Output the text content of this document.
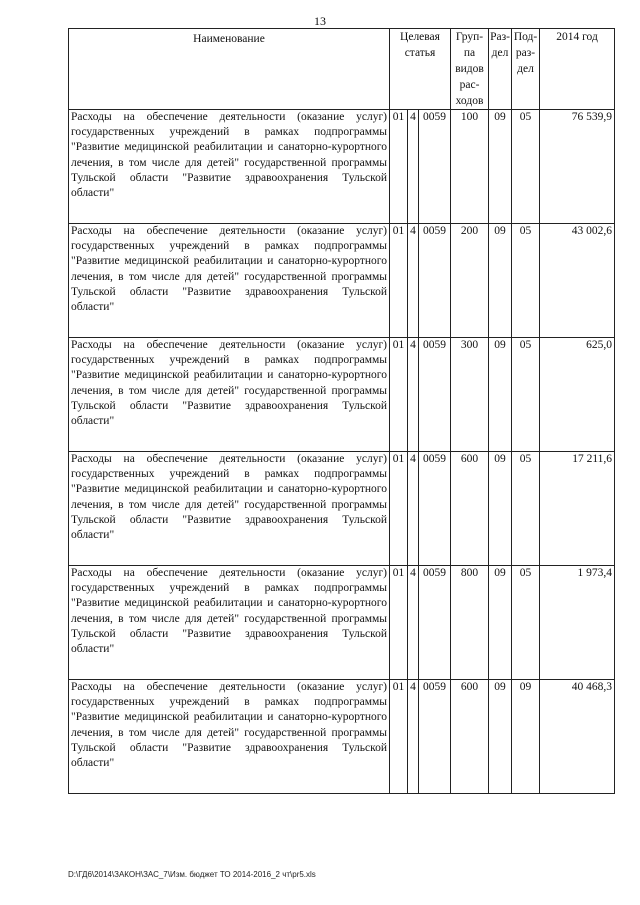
13
Наименование	Целевая статья			Груп-па видов рас-ходов	Раз-дел	Под-раз-дел	2014 год
Расходы на обеспечение деятельности (оказание услуг) государственных учреждений в рамках подпрограммы "Развитие медицинской реабилитации и санаторно-курортного лечения, в том числе для детей" государственной программы Тульской области "Развитие здравоохранения Тульской области"	01	4	0059	100	09	05	76 539,9
Расходы на обеспечение деятельности (оказание услуг) государственных учреждений в рамках подпрограммы "Развитие медицинской реабилитации и санаторно-курортного лечения, в том числе для детей" государственной программы Тульской области "Развитие здравоохранения Тульской области"	01	4	0059	200	09	05	43 002,6
Расходы на обеспечение деятельности (оказание услуг) государственных учреждений в рамках подпрограммы "Развитие медицинской реабилитации и санаторно-курортного лечения, в том числе для детей" государственной программы Тульской области "Развитие здравоохранения Тульской области"	01	4	0059	300	09	05	625,0
Расходы на обеспечение деятельности (оказание услуг) государственных учреждений в рамках подпрограммы "Развитие медицинской реабилитации и санаторно-курортного лечения, в том числе для детей" государственной программы Тульской области "Развитие здравоохранения Тульской области"	01	4	0059	600	09	05	17 211,6
Расходы на обеспечение деятельности (оказание услуг) государственных учреждений в рамках подпрограммы "Развитие медицинской реабилитации и санаторно-курортного лечения, в том числе для детей" государственной программы Тульской области "Развитие здравоохранения Тульской области"	01	4	0059	800	09	05	1 973,4
Расходы на обеспечение деятельности (оказание услуг) государственных учреждений в рамках подпрограммы "Развитие медицинской реабилитации и санаторно-курортного лечения, в том числе для детей" государственной программы Тульской области "Развитие здравоохранения Тульской области"	01	4	0059	600	09	09	40 468,3
D:\ГД6\2014\ЗАКОН\ЗАС_7\Изм. бюджет ТО 2014-2016_2 чт\pr5.xls
